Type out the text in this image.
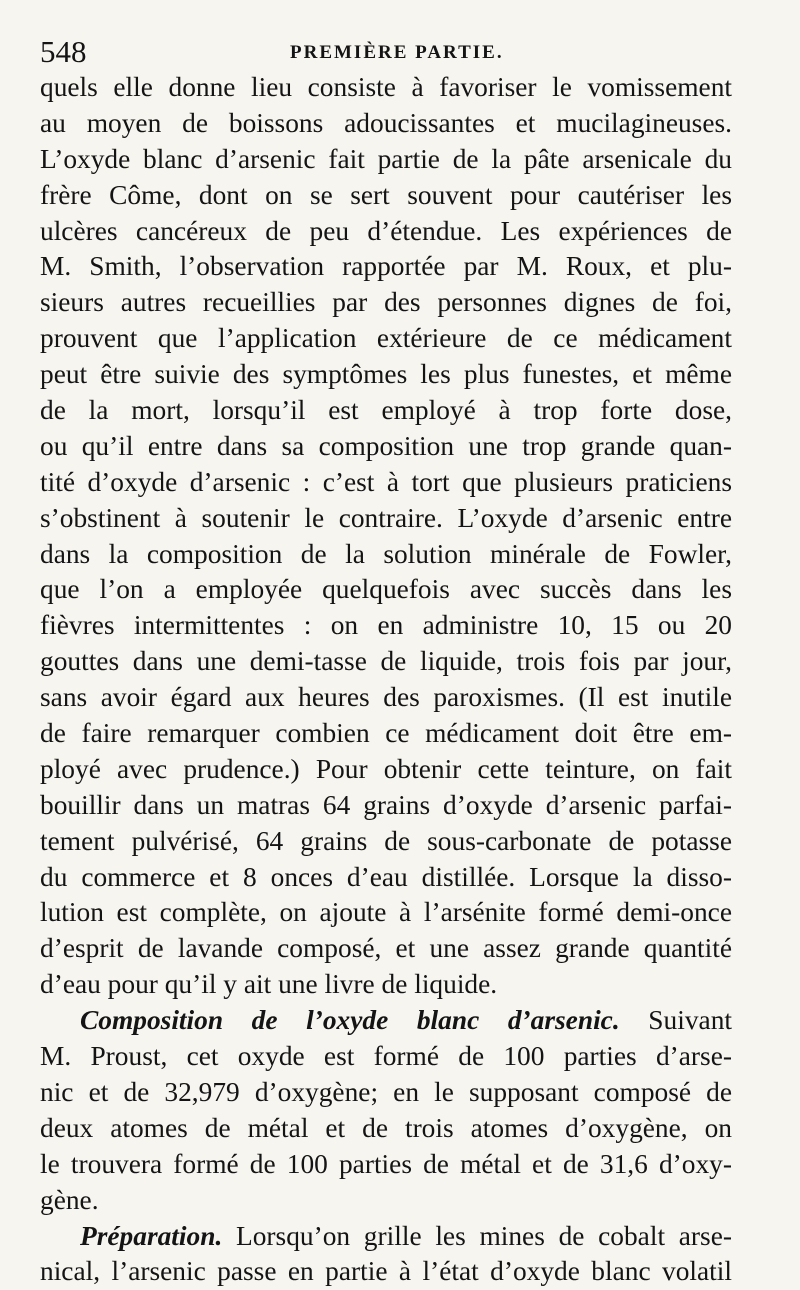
548	PREMIÈRE PARTIE.
quels elle donne lieu consiste à favoriser le vomissement
au moyen de boissons adoucissantes et mucilagineuses.
L’oxyde blanc d’arsenic fait partie de la pâte arsenicale du
frère Côme, dont on se sert souvent pour cautériser les
ulcères cancéreux de peu d’étendue. Les expériences de
M. Smith, l’observation rapportée par M. Roux, et plu-
sieurs autres recueillies par des personnes dignes de foi,
prouvent que l’application extérieure de ce médicament
peut être suivie des symptômes les plus funestes, et même
de la mort, lorsqu’il est employé à trop forte dose,
ou qu’il entre dans sa composition une trop grande quan-
tité d’oxyde d’arsenic : c’est à tort que plusieurs praticiens
s’obstinent à soutenir le contraire. L’oxyde d’arsenic entre
dans la composition de la solution minérale de Fowler,
que l’on a employée quelquefois avec succès dans les
fièvres intermittentes : on en administre 10, 15 ou 20
gouttes dans une demi-tasse de liquide, trois fois par jour,
sans avoir égard aux heures des paroxismes. (Il est inutile
de faire remarquer combien ce médicament doit être em-
ployé avec prudence.) Pour obtenir cette teinture, on fait
bouillir dans un matras 64 grains d’oxyde d’arsenic parfai-
tement pulvérisé, 64 grains de sous-carbonate de potasse
du commerce et 8 onces d’eau distillée. Lorsque la disso-
lution est complète, on ajoute à l’arsénite formé demi-once
d’esprit de lavande composé, et une assez grande quantité
d’eau pour qu’il y ait une livre de liquide.
Composition de l’oxyde blanc d’arsenic. Suivant
M. Proust, cet oxyde est formé de 100 parties d’arse-
nic et de 32,979 d’oxygène; en le supposant composé de
deux atomes de métal et de trois atomes d’oxygène, on
le trouvera formé de 100 parties de métal et de 31,6 d’oxy-
gène.
Préparation. Lorsqu’on grille les mines de cobalt arse-
nical, l’arsenic passe en partie à l’état d’oxyde blanc volatil
